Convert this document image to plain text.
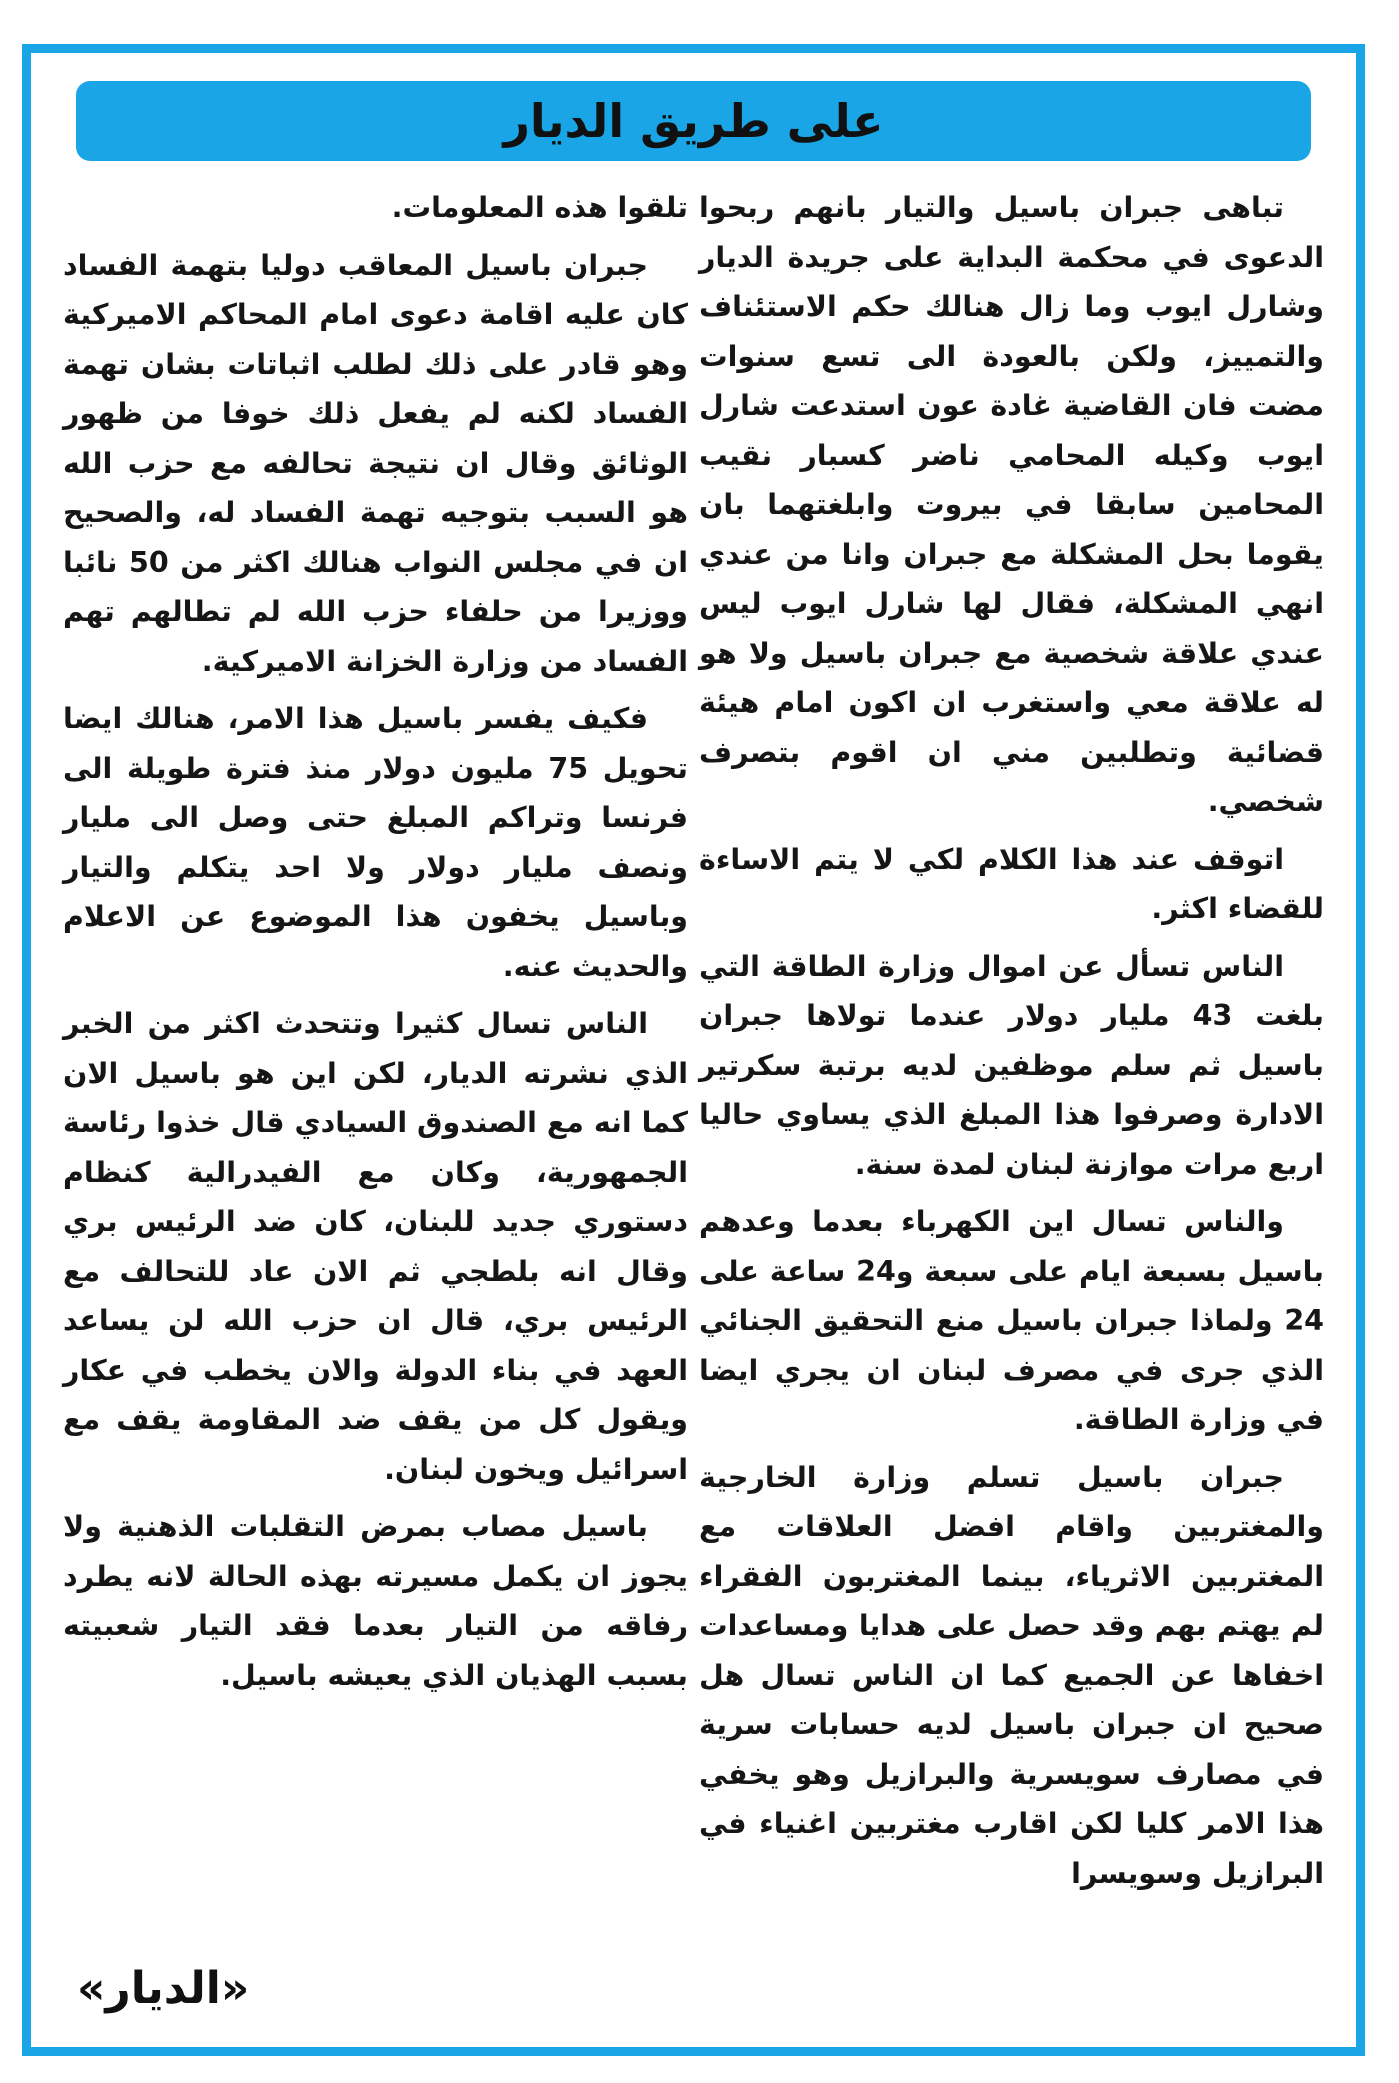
على طريق الديار

تباهى جبران باسيل والتيار بانهم ربحوا الدعوى في محكمة البداية على جريدة الديار وشارل ايوب وما زال هنالك حكم الاستئناف والتمييز، ولكن بالعودة الى تسع سنوات مضت فان القاضية غادة عون استدعت شارل ايوب وكيله المحامي ناضر كسبار نقيب المحامين سابقا في بيروت وابلغتهما بان يقوما بحل المشكلة مع جبران وانا من عندي انهي المشكلة، فقال لها شارل ايوب ليس عندي علاقة شخصية مع جبران باسيل ولا هو له علاقة معي واستغرب ان اكون امام هيئة قضائية وتطلبين مني ان اقوم بتصرف شخصي.

اتوقف عند هذا الكلام لكي لا يتم الاساءة للقضاء اكثر.

الناس تسأل عن اموال وزارة الطاقة التي بلغت 43 مليار دولار عندما تولاها جبران باسيل ثم سلم موظفين لديه برتبة سكرتير الادارة وصرفوا هذا المبلغ الذي يساوي حاليا اربع مرات موازنة لبنان لمدة سنة.

والناس تسال اين الكهرباء بعدما وعدهم باسيل بسبعة ايام على سبعة و24 ساعة على 24 ولماذا جبران باسيل منع التحقيق الجنائي الذي جرى في مصرف لبنان ان يجري ايضا في وزارة الطاقة.

جبران باسيل تسلم وزارة الخارجية والمغتربين واقام افضل العلاقات مع المغتربين الاثرياء، بينما المغتربون الفقراء لم يهتم بهم وقد حصل على هدايا ومساعدات اخفاها عن الجميع كما ان الناس تسال هل صحيح ان جبران باسيل لديه حسابات سرية في مصارف سويسرية والبرازيل وهو يخفي هذا الامر كليا لكن اقارب مغتربين اغنياء في البرازيل وسويسرا

تلقوا هذه المعلومات.

جبران باسيل المعاقب دوليا بتهمة الفساد كان عليه اقامة دعوى امام المحاكم الاميركية وهو قادر على ذلك لطلب اثباتات بشان تهمة الفساد لكنه لم يفعل ذلك خوفا من ظهور الوثائق وقال ان نتيجة تحالفه مع حزب الله هو السبب بتوجيه تهمة الفساد له، والصحيح ان في مجلس النواب هنالك اكثر من 50 نائبا ووزيرا من حلفاء حزب الله لم تطالهم تهم الفساد من وزارة الخزانة الاميركية.

فكيف يفسر باسيل هذا الامر، هنالك ايضا تحويل 75 مليون دولار منذ فترة طويلة الى فرنسا وتراكم المبلغ حتى وصل الى مليار ونصف مليار دولار ولا احد يتكلم والتيار وباسيل يخفون هذا الموضوع عن الاعلام والحديث عنه.

الناس تسال كثيرا وتتحدث اكثر من الخبر الذي نشرته الديار، لكن اين هو باسيل الان كما انه مع الصندوق السيادي قال خذوا رئاسة الجمهورية، وكان مع الفيدرالية كنظام دستوري جديد للبنان، كان ضد الرئيس بري وقال انه بلطجي ثم الان عاد للتحالف مع الرئيس بري، قال ان حزب الله لن يساعد العهد في بناء الدولة والان يخطب في عكار ويقول كل من يقف ضد المقاومة يقف مع اسرائيل ويخون لبنان.

باسيل مصاب بمرض التقلبات الذهنية ولا يجوز ان يكمل مسيرته بهذه الحالة لانه يطرد رفاقه من التيار بعدما فقد التيار شعبيته بسبب الهذيان الذي يعيشه باسيل.

«الديار»
